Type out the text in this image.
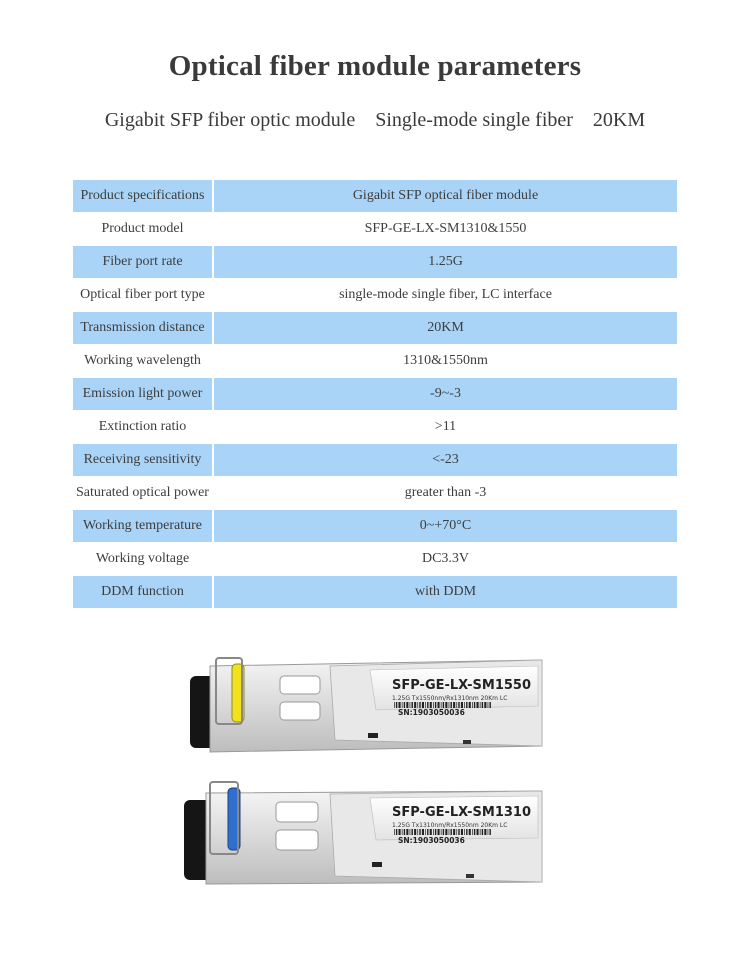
Optical fiber module parameters
Gigabit SFP fiber optic module    Single-mode single fiber    20KM
Product specifications	Gigabit SFP optical fiber module

Product model	SFP-GE-LX-SM1310&1550

Fiber port rate	1.25G

Optical fiber port type	single-mode single fiber, LC interface

Transmission distance	20KM

Working wavelength	1310&1550nm

Emission light power	-9~-3

Extinction ratio	>11

Receiving sensitivity	<-23

Saturated optical power	greater than -3

Working temperature	0~+70°C

Working voltage	DC3.3V

DDM function	with DDM
SFP-GE-LX-SM1550
1.25G Tx1550nm/Rx1310nm 20Km LC
SN:1903050036
SFP-GE-LX-SM1310
1.25G Tx1310nm/Rx1550nm 20Km LC
SN:1903050036
